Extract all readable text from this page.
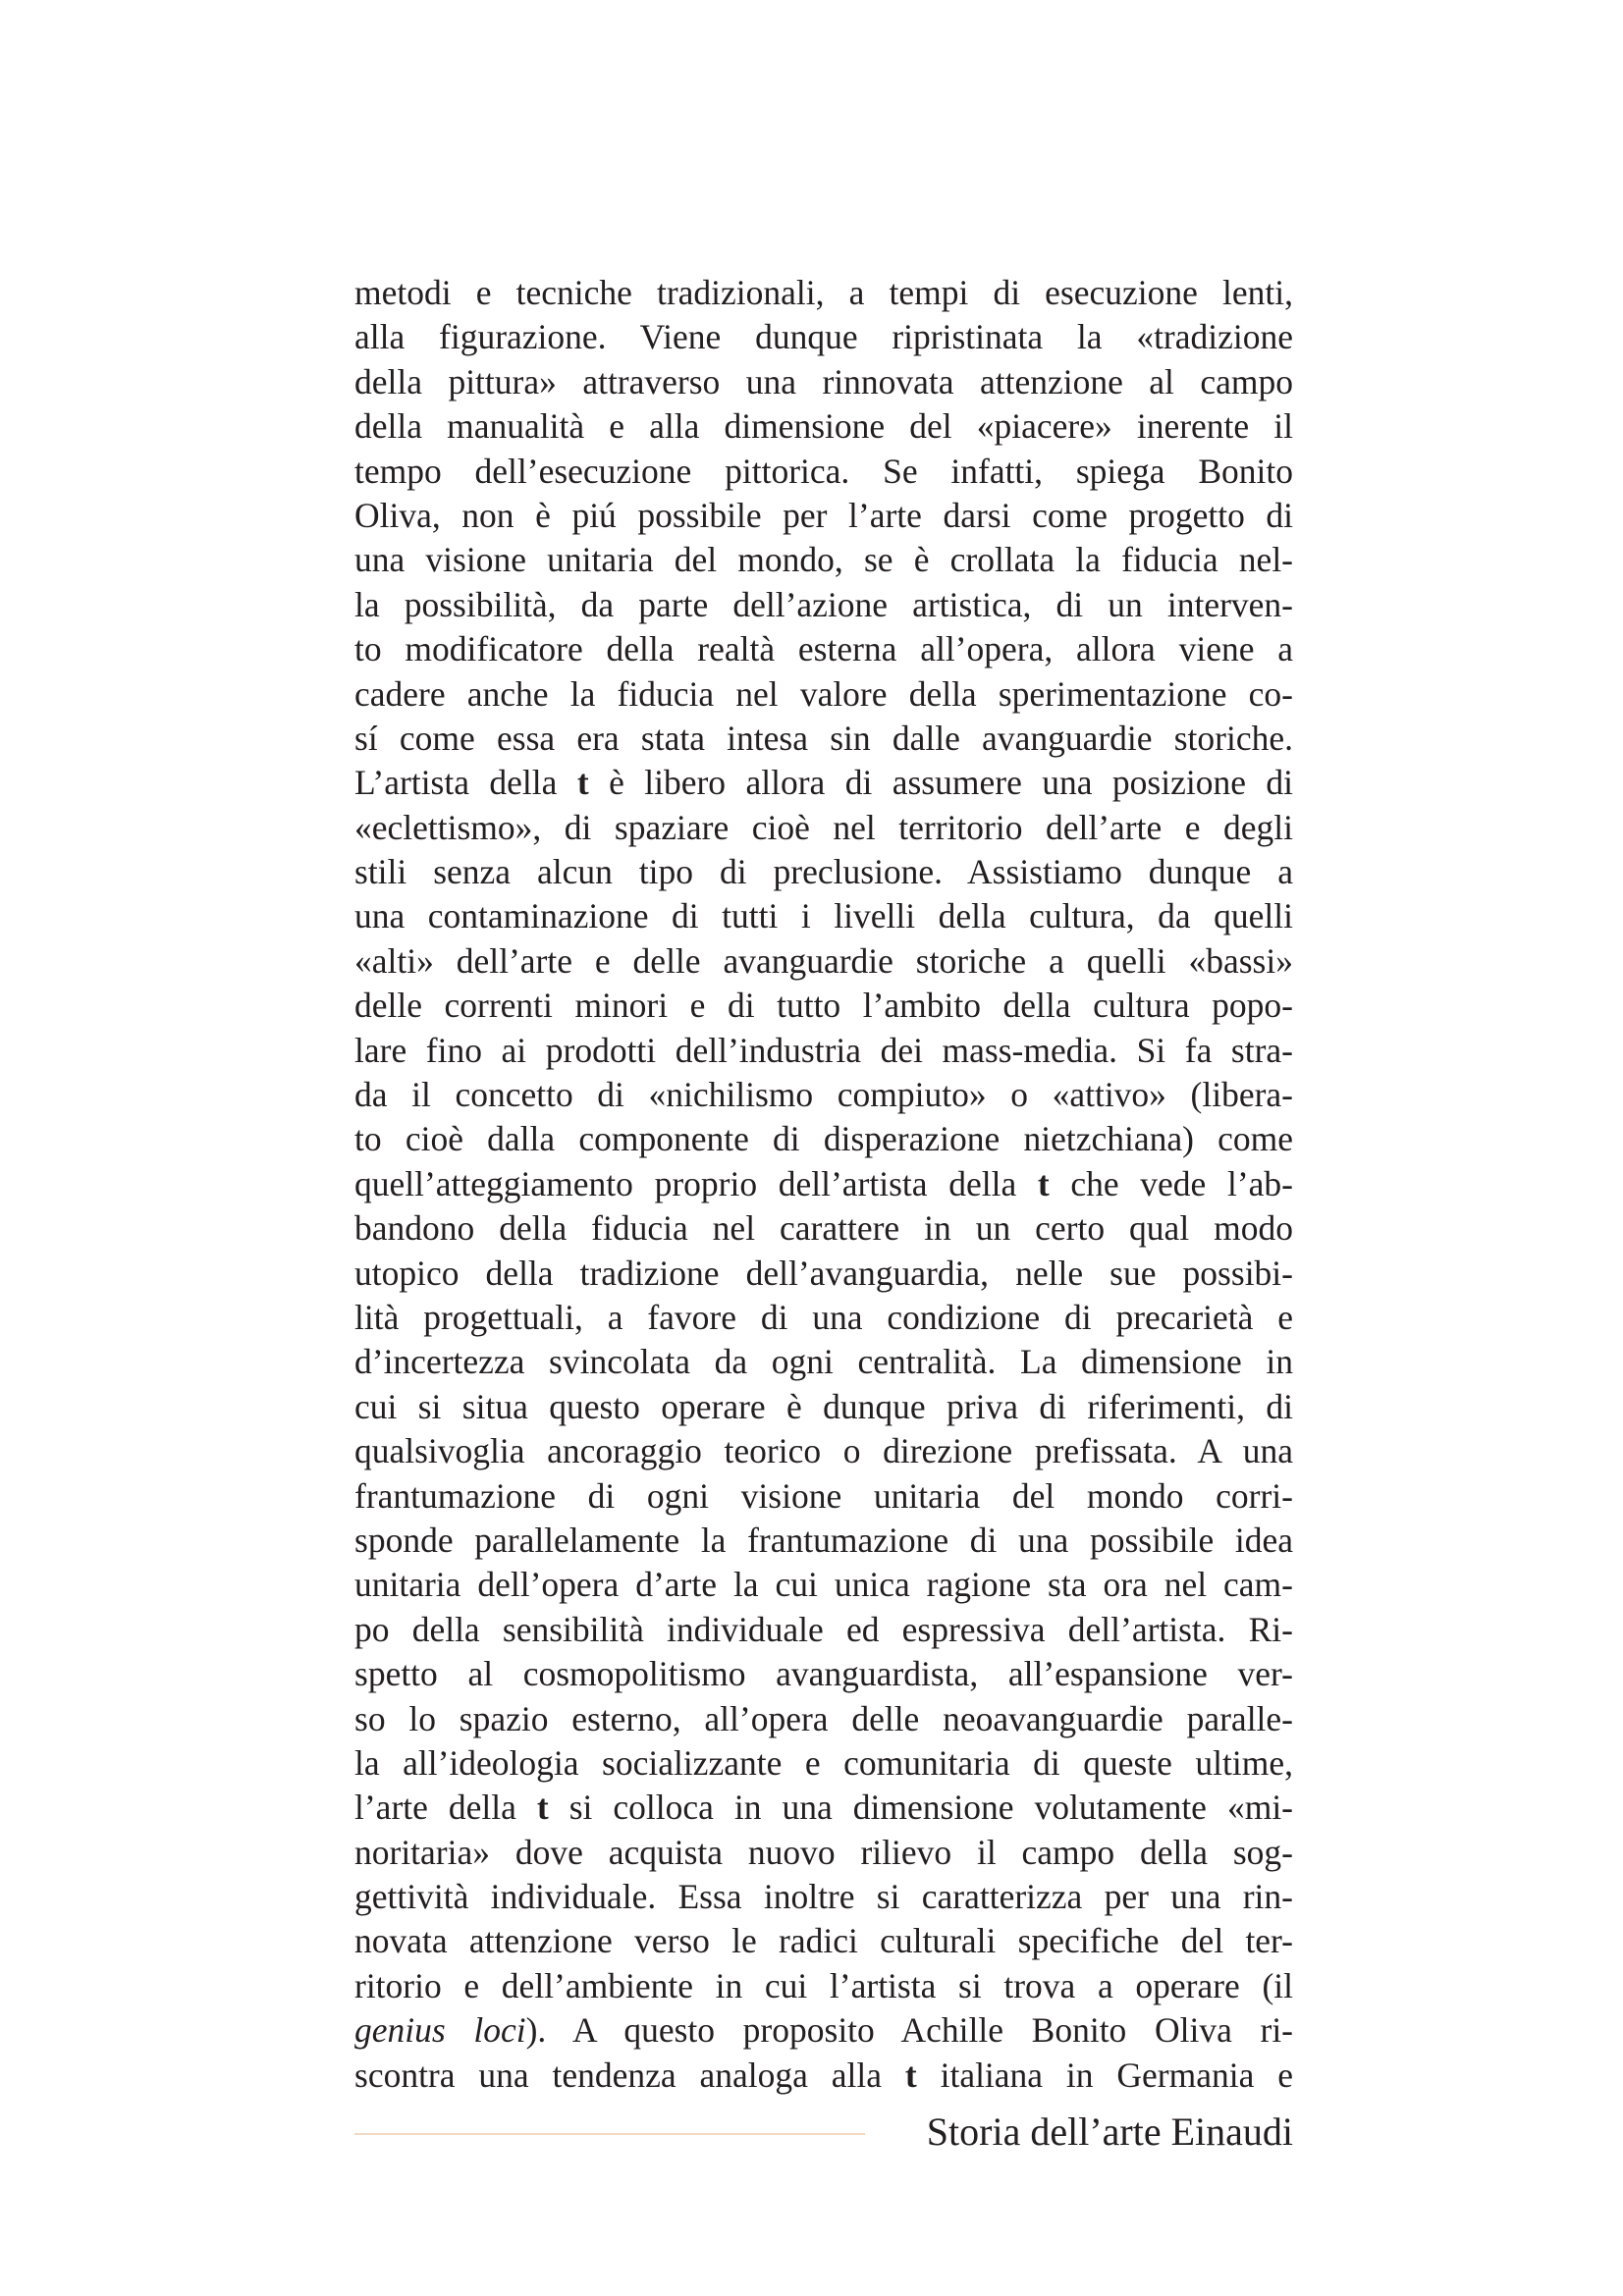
metodi e tecniche tradizionali, a tempi di esecuzione lenti,
alla figurazione. Viene dunque ripristinata la «tradizione
della pittura» attraverso una rinnovata attenzione al campo
della manualità e alla dimensione del «piacere» inerente il
tempo dell’esecuzione pittorica. Se infatti, spiega Bonito
Oliva, non è piú possibile per l’arte darsi come progetto di
una visione unitaria del mondo, se è crollata la fiducia nel-
la possibilità, da parte dell’azione artistica, di un interven-
to modificatore della realtà esterna all’opera, allora viene a
cadere anche la fiducia nel valore della sperimentazione co-
sí come essa era stata intesa sin dalle avanguardie storiche.
L’artista della t è libero allora di assumere una posizione di
«eclettismo», di spaziare cioè nel territorio dell’arte e degli
stili senza alcun tipo di preclusione. Assistiamo dunque a
una contaminazione di tutti i livelli della cultura, da quelli
«alti» dell’arte e delle avanguardie storiche a quelli «bassi»
delle correnti minori e di tutto l’ambito della cultura popo-
lare fino ai prodotti dell’industria dei mass-media. Si fa stra-
da il concetto di «nichilismo compiuto» o «attivo» (libera-
to cioè dalla componente di disperazione nietzchiana) come
quell’atteggiamento proprio dell’artista della t che vede l’ab-
bandono della fiducia nel carattere in un certo qual modo
utopico della tradizione dell’avanguardia, nelle sue possibi-
lità progettuali, a favore di una condizione di precarietà e
d’incertezza svincolata da ogni centralità. La dimensione in
cui si situa questo operare è dunque priva di riferimenti, di
qualsivoglia ancoraggio teorico o direzione prefissata. A una
frantumazione di ogni visione unitaria del mondo corri-
sponde parallelamente la frantumazione di una possibile idea
unitaria dell’opera d’arte la cui unica ragione sta ora nel cam-
po della sensibilità individuale ed espressiva dell’artista. Ri-
spetto al cosmopolitismo avanguardista, all’espansione ver-
so lo spazio esterno, all’opera delle neoavanguardie paralle-
la all’ideologia socializzante e comunitaria di queste ultime,
l’arte della t si colloca in una dimensione volutamente «mi-
noritaria» dove acquista nuovo rilievo il campo della sog-
gettività individuale. Essa inoltre si caratterizza per una rin-
novata attenzione verso le radici culturali specifiche del ter-
ritorio e dell’ambiente in cui l’artista si trova a operare (il
genius loci). A questo proposito Achille Bonito Oliva ri-
scontra una tendenza analoga alla t italiana in Germania e
Storia dell’arte Einaudi
